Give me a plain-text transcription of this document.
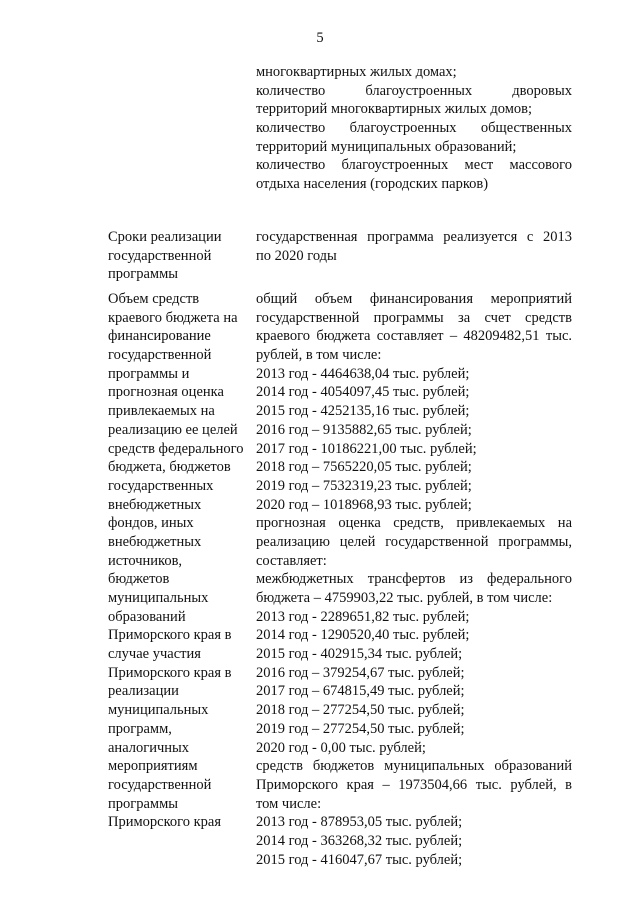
5
многоквартирных жилых домах;
количество благоустроенных дворовых
территорий многоквартирных жилых домов;
количество благоустроенных общественных
территорий муниципальных образований;
количество благоустроенных мест массового
отдыха населения (городских парков)
Сроки реализации
государственной
программы
государственная программа реализуется с 2013
по 2020 годы
Объем средств
краевого бюджета на
финансирование
государственной
программы и
прогнозная оценка
привлекаемых на
реализацию ее целей
средств федерального
бюджета, бюджетов
государственных
внебюджетных
фондов, иных
внебюджетных
источников,
бюджетов
муниципальных
образований
Приморского края в
случае участия
Приморского края в
реализации
муниципальных
программ,
аналогичных
мероприятиям
государственной
программы
Приморского края
общий объем финансирования мероприятий
государственной программы за счет средств
краевого бюджета составляет – 48209482,51 тыс.
рублей, в том числе:
2013 год - 4464638,04 тыс. рублей;
2014 год - 4054097,45 тыс. рублей;
2015 год - 4252135,16 тыс. рублей;
2016 год – 9135882,65 тыс. рублей;
2017 год - 10186221,00 тыс. рублей;
2018 год – 7565220,05 тыс. рублей;
2019 год – 7532319,23 тыс. рублей;
2020 год – 1018968,93 тыс. рублей;
прогнозная оценка средств, привлекаемых на
реализацию целей государственной программы,
составляет:
межбюджетных трансфертов из федерального
бюджета – 4759903,22 тыс. рублей, в том числе:
2013 год - 2289651,82 тыс. рублей;
2014 год - 1290520,40 тыс. рублей;
2015 год - 402915,34 тыс. рублей;
2016 год – 379254,67 тыс. рублей;
2017 год – 674815,49 тыс. рублей;
2018 год – 277254,50 тыс. рублей;
2019 год – 277254,50 тыс. рублей;
2020 год - 0,00 тыс. рублей;
средств бюджетов муниципальных образований
Приморского края – 1973504,66 тыс. рублей, в
том числе:
2013 год - 878953,05 тыс. рублей;
2014 год - 363268,32 тыс. рублей;
2015 год - 416047,67 тыс. рублей;
